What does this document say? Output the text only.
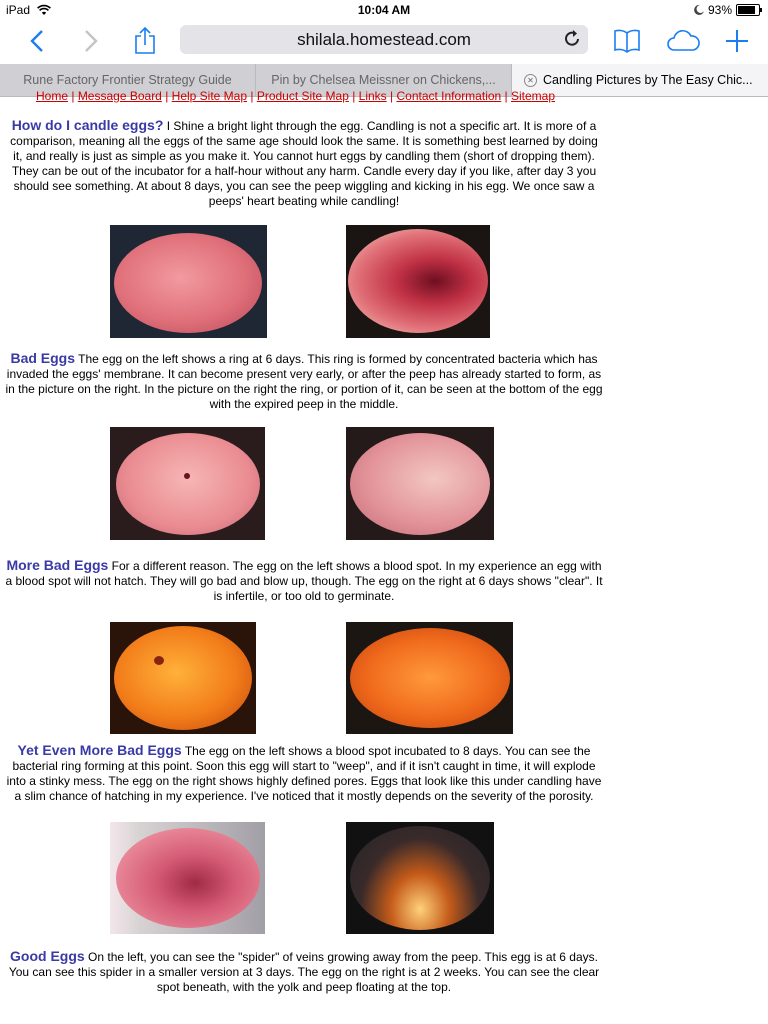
iPad	10:04 AM	93%
shilala.homestead.com
Rune Factory Frontier Strategy Guide	Pin by Chelsea Meissner on Chickens,...	✕ Candling Pictures by The Easy Chic...
Home | Message Board | Help Site Map | Product Site Map | Links | Contact Information | Sitemap
How do I candle eggs? I Shine a bright light through the egg. Candling is not a specific art. It is more of a comparison, meaning all the eggs of the same age should look the same. It is something best learned by doing it, and really is just as simple as you make it. You cannot hurt eggs by candling them (short of dropping them). They can be out of the incubator for a half-hour without any harm. Candle every day if you like, after day 3 you should see something. At about 8 days, you can see the peep wiggling and kicking in his egg. We once saw a peeps' heart beating while candling!
Bad Eggs The egg on the left shows a ring at 6 days. This ring is formed by concentrated bacteria which has invaded the eggs' membrane. It can become present very early, or after the peep has already started to form, as in the picture on the right. In the picture on the right the ring, or portion of it, can be seen at the bottom of the egg with the expired peep in the middle.
More Bad Eggs For a different reason. The egg on the left shows a blood spot. In my experience an egg with a blood spot will not hatch. They will go bad and blow up, though. The egg on the right at 6 days shows "clear". It is infertile, or too old to germinate.
Yet Even More Bad Eggs The egg on the left shows a blood spot incubated to 8 days. You can see the bacterial ring forming at this point. Soon this egg will start to "weep", and if it isn't caught in time, it will explode into a stinky mess. The egg on the right shows highly defined pores. Eggs that look like this under candling have a slim chance of hatching in my experience. I've noticed that it mostly depends on the severity of the porosity.
Good Eggs On the left, you can see the "spider" of veins growing away from the peep. This egg is at 6 days. You can see this spider in a smaller version at 3 days. The egg on the right is at 2 weeks. You can see the clear spot beneath, with the yolk and peep floating at the top.
